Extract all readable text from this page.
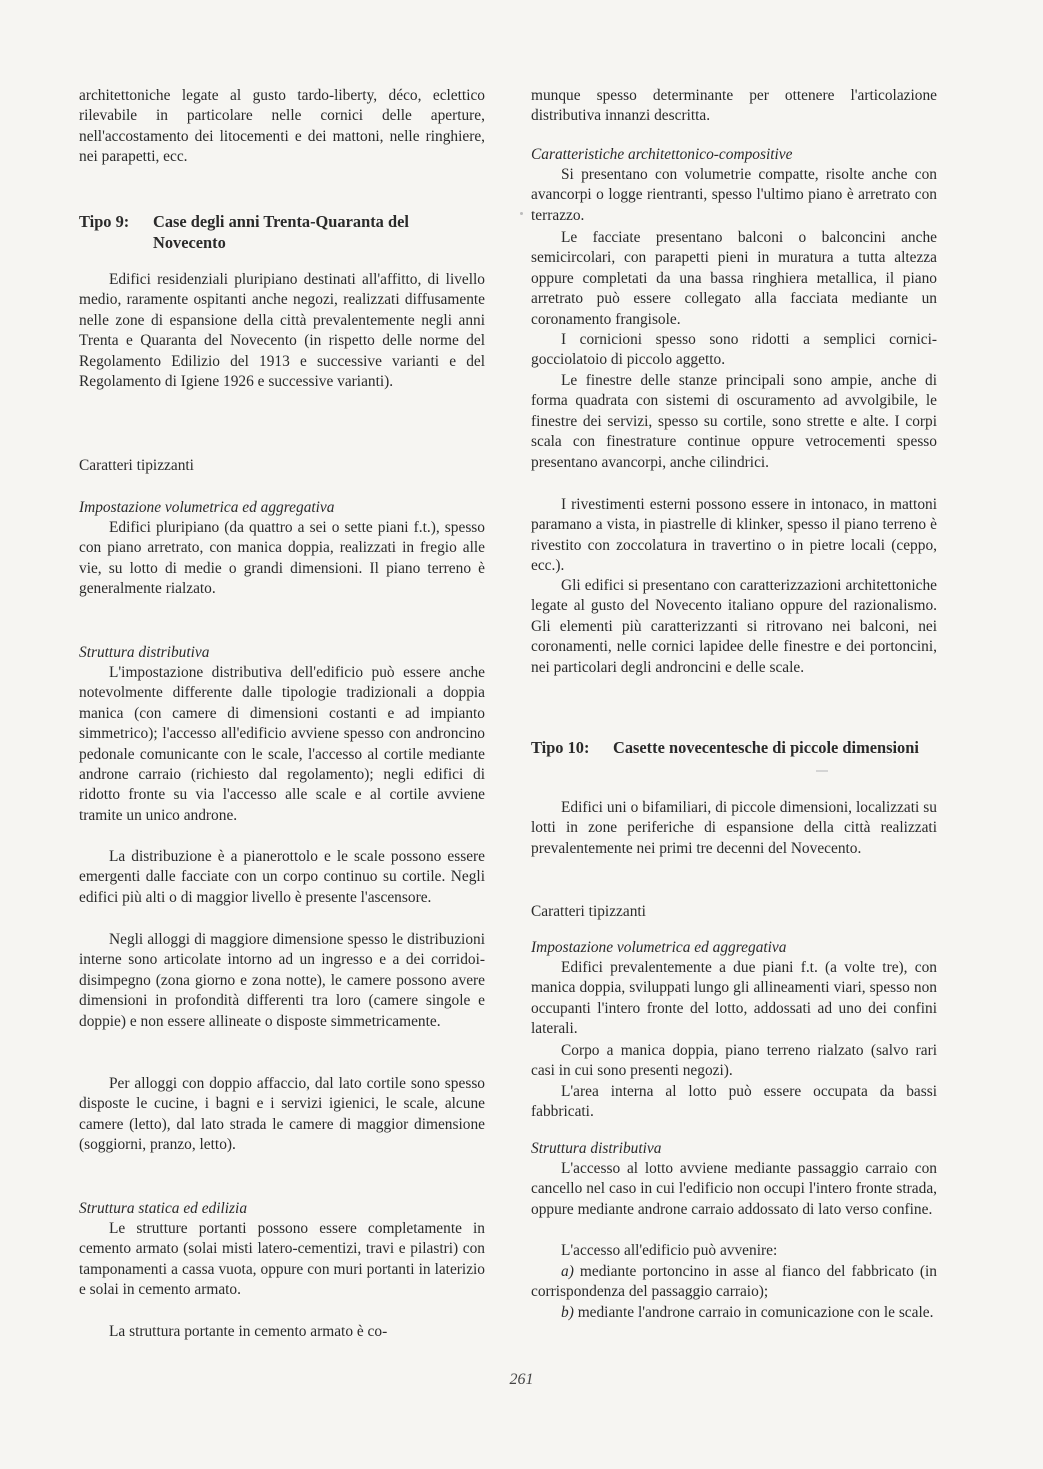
architettoniche legate al gusto tardo-liberty, déco, eclettico rilevabile in particolare nelle cornici delle aperture, nell'accostamento dei litocementi e dei mattoni, nelle ringhiere, nei parapetti, ecc.

Tipo 9: Case degli anni Trenta-Quaranta del Novecento

Edifici residenziali pluripiano destinati all'affitto, di livello medio, raramente ospitanti anche negozi, realizzati diffusamente nelle zone di espansione della città prevalentemente negli anni Trenta e Quaranta del Novecento (in rispetto delle norme del Regolamento Edilizio del 1913 e successive varianti e del Regolamento di Igiene 1926 e successive varianti).

Caratteri tipizzanti

Impostazione volumetrica ed aggregativa

Edifici pluripiano (da quattro a sei o sette piani f.t.), spesso con piano arretrato, con manica doppia, realizzati in fregio alle vie, su lotto di medie o grandi dimensioni. Il piano terreno è generalmente rialzato.

Struttura distributiva

L'impostazione distributiva dell'edificio può essere anche notevolmente differente dalle tipologie tradizionali a doppia manica (con camere di dimensioni costanti e ad impianto simmetrico); l'accesso all'edificio avviene spesso con androncino pedonale comunicante con le scale, l'accesso al cortile mediante androne carraio (richiesto dal regolamento); negli edifici di ridotto fronte su via l'accesso alle scale e al cortile avviene tramite un unico androne.

La distribuzione è a pianerottolo e le scale possono essere emergenti dalle facciate con un corpo continuo su cortile. Negli edifici più alti o di maggior livello è presente l'ascensore.

Negli alloggi di maggiore dimensione spesso le distribuzioni interne sono articolate intorno ad un ingresso e a dei corridoi-disimpegno (zona giorno e zona notte), le camere possono avere dimensioni in profondità differenti tra loro (camere singole e doppie) e non essere allineate o disposte simmetricamente.

Per alloggi con doppio affaccio, dal lato cortile sono spesso disposte le cucine, i bagni e i servizi igienici, le scale, alcune camere (letto), dal lato strada le camere di maggior dimensione (soggiorni, pranzo, letto).

Struttura statica ed edilizia

Le strutture portanti possono essere completamente in cemento armato (solai misti latero-cementizi, travi e pilastri) con tamponamenti a cassa vuota, oppure con muri portanti in laterizio e solai in cemento armato.

La struttura portante in cemento armato è co-

munque spesso determinante per ottenere l'articolazione distributiva innanzi descritta.

Caratteristiche architettonico-compositive

Si presentano con volumetrie compatte, risolte anche con avancorpi o logge rientranti, spesso l'ultimo piano è arretrato con terrazzo.

Le facciate presentano balconi o balconcini anche semicircolari, con parapetti pieni in muratura a tutta altezza oppure completati da una bassa ringhiera metallica, il piano arretrato può essere collegato alla facciata mediante un coronamento frangisole.

I cornicioni spesso sono ridotti a semplici cornici-gocciolatoio di piccolo aggetto.

Le finestre delle stanze principali sono ampie, anche di forma quadrata con sistemi di oscuramento ad avvolgibile, le finestre dei servizi, spesso su cortile, sono strette e alte. I corpi scala con finestrature continue oppure vetrocementi spesso presentano avancorpi, anche cilindrici.

I rivestimenti esterni possono essere in intonaco, in mattoni paramano a vista, in piastrelle di klinker, spesso il piano terreno è rivestito con zoccolatura in travertino o in pietre locali (ceppo, ecc.).

Gli edifici si presentano con caratterizzazioni architettoniche legate al gusto del Novecento italiano oppure del razionalismo. Gli elementi più caratterizzanti si ritrovano nei balconi, nei coronamenti, nelle cornici lapidee delle finestre e dei portoncini, nei particolari degli androncini e delle scale.

Tipo 10: Casette novecentesche di piccole dimensioni

Edifici uni o bifamiliari, di piccole dimensioni, localizzati su lotti in zone periferiche di espansione della città realizzati prevalentemente nei primi tre decenni del Novecento.

Caratteri tipizzanti

Impostazione volumetrica ed aggregativa

Edifici prevalentemente a due piani f.t. (a volte tre), con manica doppia, sviluppati lungo gli allineamenti viari, spesso non occupanti l'intero fronte del lotto, addossati ad uno dei confini laterali.

Corpo a manica doppia, piano terreno rialzato (salvo rari casi in cui sono presenti negozi).

L'area interna al lotto può essere occupata da bassi fabbricati.

Struttura distributiva

L'accesso al lotto avviene mediante passaggio carraio con cancello nel caso in cui l'edificio non occupi l'intero fronte strada, oppure mediante androne carraio addossato di lato verso confine.

L'accesso all'edificio può avvenire:

a) mediante portoncino in asse al fianco del fabbricato (in corrispondenza del passaggio carraio);

b) mediante l'androne carraio in comunicazione con le scale.

261
